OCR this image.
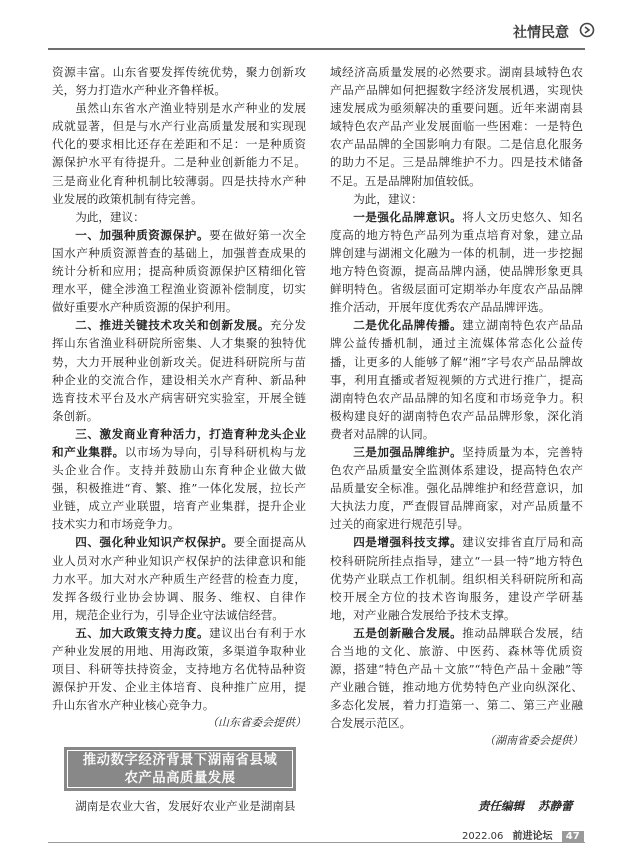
社情民意

资源丰富。山东省要发挥传统优势，聚力创新攻关，努力打造水产种业齐鲁样板。

虽然山东省水产渔业特别是水产种业的发展成就显著，但是与水产行业高质量发展和实现现代化的要求相比还存在差距和不足：一是种质资源保护水平有待提升。二是种业创新能力不足。三是商业化育种机制比较薄弱。四是扶持水产种业发展的政策机制有待完善。

为此，建议：

一、加强种质资源保护。要在做好第一次全国水产种质资源普查的基础上，加强普查成果的统计分析和应用；提高种质资源保护区精细化管理水平，健全涉渔工程渔业资源补偿制度，切实做好重要水产种质资源的保护利用。

二、推进关键技术攻关和创新发展。充分发挥山东省渔业科研院所密集、人才集聚的独特优势，大力开展种业创新攻关。促进科研院所与苗种企业的交流合作，建设相关水产育种、新品种选育技术平台及水产病害研究实验室，开展全链条创新。

三、激发商业育种活力，打造育种龙头企业和产业集群。以市场为导向，引导科研机构与龙头企业合作。支持并鼓励山东育种企业做大做强，积极推进“育、繁、推”一体化发展，拉长产业链，成立产业联盟，培育产业集群，提升企业技术实力和市场竞争力。

四、强化种业知识产权保护。要全面提高从业人员对水产种业知识产权保护的法律意识和能力水平。加大对水产种质生产经营的检查力度，发挥各级行业协会协调、服务、维权、自律作用，规范企业行为，引导企业守法诚信经营。

五、加大政策支持力度。建议出台有利于水产种业发展的用地、用海政策，多渠道争取种业项目、科研等扶持资金，支持地方名优特品种资源保护开发、企业主体培育、良种推广应用，提升山东省水产种业核心竞争力。

（山东省委会提供）

推动数字经济背景下湖南省县域
农产品高质量发展
湖南是农业大省，发展好农业产业是湖南县

域经济高质量发展的必然要求。湖南县域特色农产品产品牌如何把握数字经济发展机遇，实现快速发展成为亟须解决的重要问题。近年来湖南县域特色农产品产业发展面临一些困难：一是特色农产品品牌的全国影响力有限。二是信息化服务的助力不足。三是品牌维护不力。四是技术储备不足。五是品牌附加值较低。

为此，建议：

一是强化品牌意识。将人文历史悠久、知名度高的地方特色产品列为重点培育对象，建立品牌创建与湖湘文化融为一体的机制，进一步挖掘地方特色资源，提高品牌内涵，使品牌形象更具鲜明特色。省级层面可定期举办年度农产品品牌推介活动，开展年度优秀农产品品牌评选。

二是优化品牌传播。建立湖南特色农产品品牌公益传播机制，通过主流媒体常态化公益传播，让更多的人能够了解“湘”字号农产品品牌故事，利用直播或者短视频的方式进行推广，提高湖南特色农产品品牌的知名度和市场竞争力。积极构建良好的湖南特色农产品品牌形象，深化消费者对品牌的认同。

三是加强品牌维护。坚持质量为本，完善特色农产品质量安全监测体系建设，提高特色农产品质量安全标准。强化品牌维护和经营意识，加大执法力度，严查假冒品牌商家，对产品质量不过关的商家进行规范引导。

四是增强科技支撑。建议安排省直厅局和高校科研院所挂点指导，建立“一县一特”地方特色优势产业联点工作机制。组织相关科研院所和高校开展全方位的技术咨询服务，建设产学研基地，对产业融合发展给予技术支撑。

五是创新融合发展。推动品牌联合发展，结合当地的文化、旅游、中医药、森林等优质资源，搭建“特色产品＋文旅”“特色产品＋金融”等产业融合链，推动地方优势特色产业向纵深化、多态化发展，着力打造第一、第二、第三产业融合发展示范区。

（湖南省委会提供）

责任编辑 苏静蕾
2022.06 前进论坛 47
